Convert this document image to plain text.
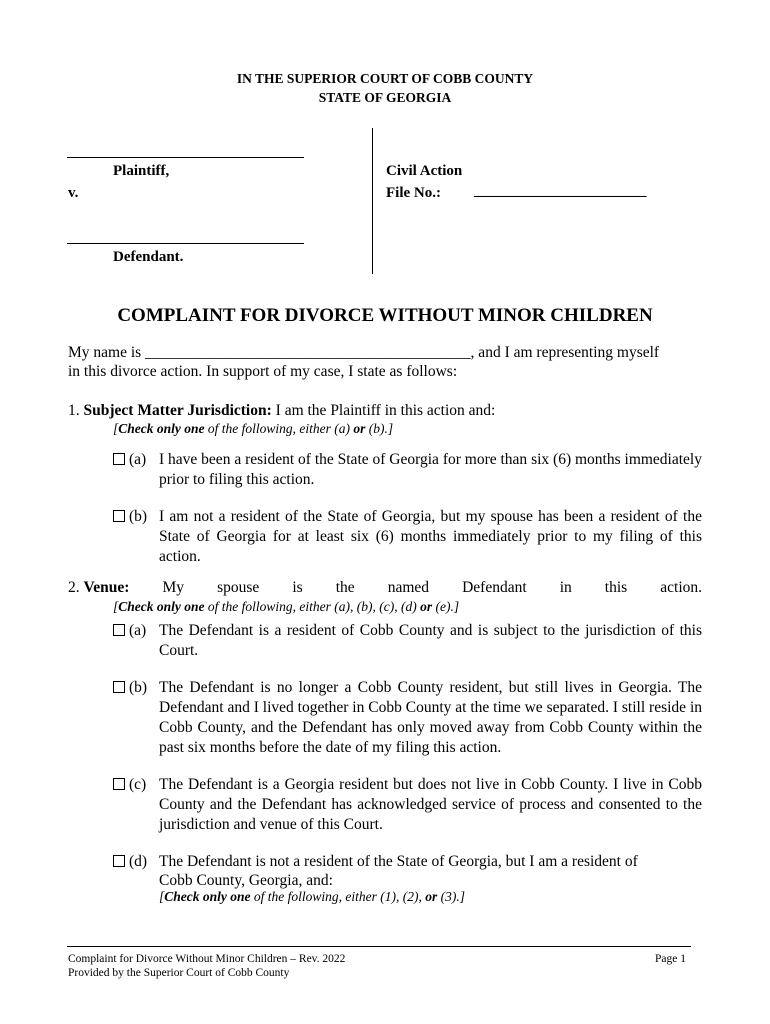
IN THE SUPERIOR COURT OF COBB COUNTY
STATE OF GEORGIA
Plaintiff,
v.
Defendant.
Civil Action
File No.: _______________________
COMPLAINT FOR DIVORCE WITHOUT MINOR CHILDREN
My name is __________________________________________, and I am representing myself
in this divorce action. In support of my case, I state as follows:
1. Subject Matter Jurisdiction: I am the Plaintiff in this action and:
[Check only one of the following, either (a) or (b).]
(a) I have been a resident of the State of Georgia for more than six (6) months immediately prior to filing this action.
(b) I am not a resident of the State of Georgia, but my spouse has been a resident of the State of Georgia for at least six (6) months immediately prior to my filing of this action.
2. Venue: My spouse is the named Defendant in this action.
[Check only one of the following, either (a), (b), (c), (d) or (e).]
(a) The Defendant is a resident of Cobb County and is subject to the jurisdiction of this Court.
(b) The Defendant is no longer a Cobb County resident, but still lives in Georgia. The Defendant and I lived together in Cobb County at the time we separated. I still reside in Cobb County, and the Defendant has only moved away from Cobb County within the past six months before the date of my filing this action.
(c) The Defendant is a Georgia resident but does not live in Cobb County. I live in Cobb County and the Defendant has acknowledged service of process and consented to the jurisdiction and venue of this Court.
(d) The Defendant is not a resident of the State of Georgia, but I am a resident of
Cobb County, Georgia, and:
[Check only one of the following, either (1), (2), or (3).]
Complaint for Divorce Without Minor Children – Rev. 2022
Provided by the Superior Court of Cobb County
Page 1
